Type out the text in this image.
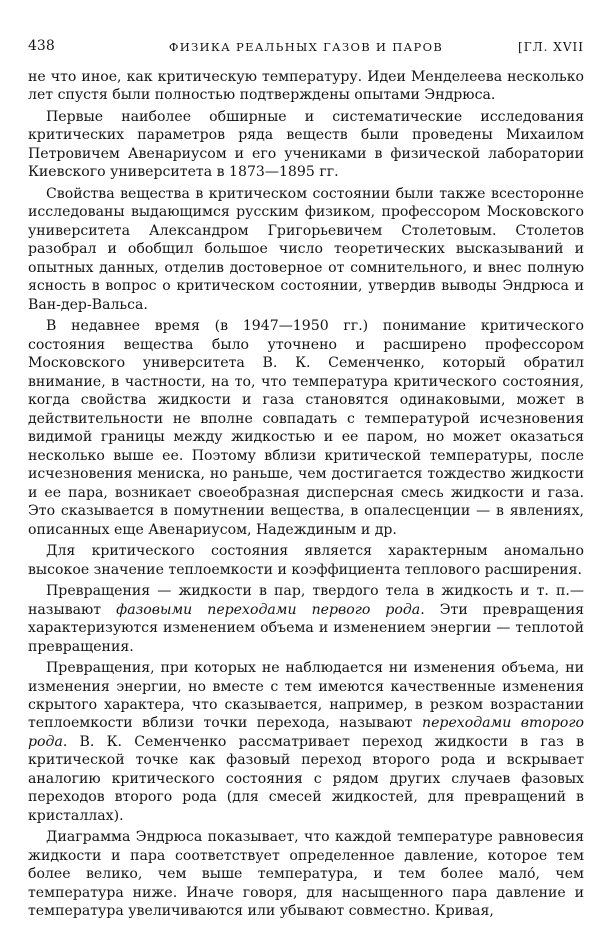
438	ФИЗИКА РЕАЛЬНЫХ ГАЗОВ И ПАРОВ	[ГЛ. XVII

не что иное, как критическую температуру. Идеи Менделеева несколько лет спустя были полностью подтверждены опытами Эндрюса.

Первые наиболее обширные и систематические исследования критических параметров ряда веществ были проведены Михаилом Петровичем Авенариусом и его учениками в физической лаборатории Киевского университета в 1873—1895 гг.

Свойства вещества в критическом состоянии были также всесторонне исследованы выдающимся русским физиком, профессором Московского университета Александром Григорьевичем Столетовым. Столетов разобрал и обобщил большое число теоретических высказываний и опытных данных, отделив достоверное от сомнительного, и внес полную ясность в вопрос о критическом состоянии, утвердив выводы Эндрюса и Ван-дер-Вальса.

В недавнее время (в 1947—1950 гг.) понимание критического состояния вещества было уточнено и расширено профессором Московского университета В. К. Семенченко, который обратил внимание, в частности, на то, что температура критического состояния, когда свойства жидкости и газа становятся одинаковыми, может в действительности не вполне совпадать с температурой исчезновения видимой границы между жидкостью и ее паром, но может оказаться несколько выше ее. Поэтому вблизи критической температуры, после исчезновения мениска, но раньше, чем достигается тождество жидкости и ее пара, возникает своеобразная дисперсная смесь жидкости и газа. Это сказывается в помутнении вещества, в опалесценции — в явлениях, описанных еще Авенариусом, Надеждиным и др.

Для критического состояния является характерным аномально высокое значение теплоемкости и коэффициента теплового расширения.

Превращения — жидкости в пар, твердого тела в жидкость и т. п.— называют фазовыми переходами первого рода. Эти превращения характеризуются изменением объема и изменением энергии — теплотой превращения.

Превращения, при которых не наблюдается ни изменения объема, ни изменения энергии, но вместе с тем имеются качественные изменения скрытого характера, что сказывается, например, в резком возрастании теплоемкости вблизи точки перехода, называют переходами второго рода. В. К. Семенченко рассматривает переход жидкости в газ в критической точке как фазовый переход второго рода и вскрывает аналогию критического состояния с рядом других случаев фазовых переходов второго рода (для смесей жидкостей, для превращений в кристаллах).

Диаграмма Эндрюса показывает, что каждой температуре равновесия жидкости и пара соответствует определенное давление, которое тем более велико, чем выше температура, и тем более мало́, чем температура ниже. Иначе говоря, для насыщенного пара давление и температура увеличиваются или убывают совместно. Кривая,
